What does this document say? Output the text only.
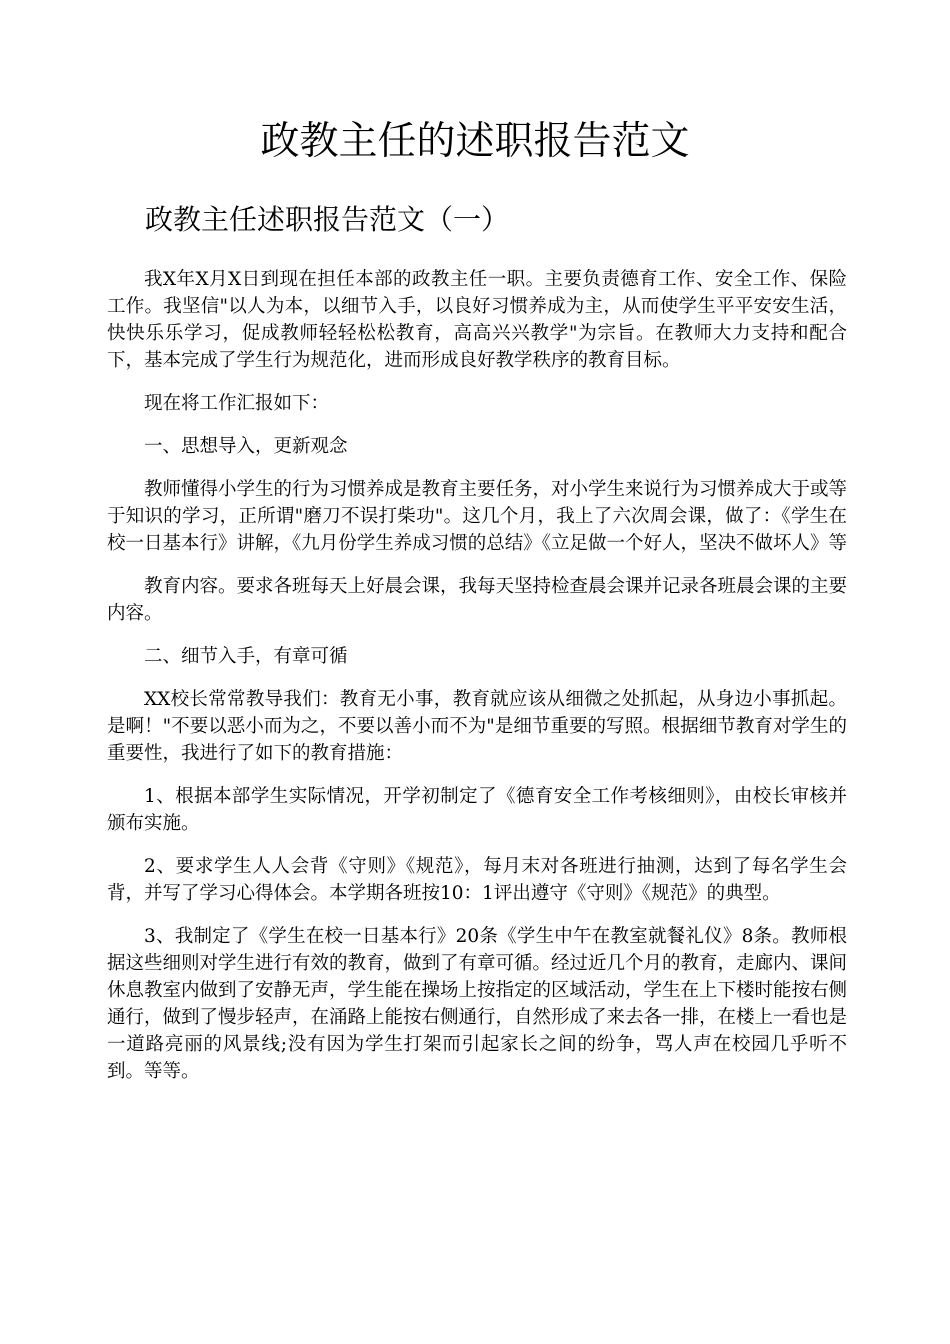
政教主任的述职报告范文
政教主任述职报告范文（一）

我X年X月X日到现在担任本部的政教主任一职。主要负责德育工作、安全工作、保险工作。我坚信"以人为本，以细节入手，以良好习惯养成为主，从而使学生平平安安生活，快快乐乐学习，促成教师轻轻松松教育，高高兴兴教学"为宗旨。在教师大力支持和配合下，基本完成了学生行为规范化，进而形成良好教学秩序的教育目标。

现在将工作汇报如下：

一、思想导入，更新观念

教师懂得小学生的行为习惯养成是教育主要任务，对小学生来说行为习惯养成大于或等于知识的学习，正所谓"磨刀不误打柴功"。这几个月，我上了六次周会课，做了：《学生在校一日基本行》讲解，《九月份学生养成习惯的总结》《立足做一个好人，坚决不做坏人》等

教育内容。要求各班每天上好晨会课，我每天坚持检查晨会课并记录各班晨会课的主要内容。

二、细节入手，有章可循

XX校长常常教导我们：教育无小事，教育就应该从细微之处抓起，从身边小事抓起。是啊！"不要以恶小而为之，不要以善小而不为"是细节重要的写照。根据细节教育对学生的重要性，我进行了如下的教育措施：

1、根据本部学生实际情况，开学初制定了《德育安全工作考核细则》，由校长审核并颁布实施。

2、要求学生人人会背《守则》《规范》，每月末对各班进行抽测，达到了每名学生会背，并写了学习心得体会。本学期各班按10：1评出遵守《守则》《规范》的典型。

3、我制定了《学生在校一日基本行》20条《学生中午在教室就餐礼仪》8条。教师根据这些细则对学生进行有效的教育，做到了有章可循。经过近几个月的教育，走廊内、课间休息教室内做到了安静无声，学生能在操场上按指定的区域活动，学生在上下楼时能按右侧通行，做到了慢步轻声，在涌路上能按右侧通行，自然形成了来去各一排，在楼上一看也是一道路亮丽的风景线;没有因为学生打架而引起家长之间的纷争，骂人声在校园几乎听不到。等等。
